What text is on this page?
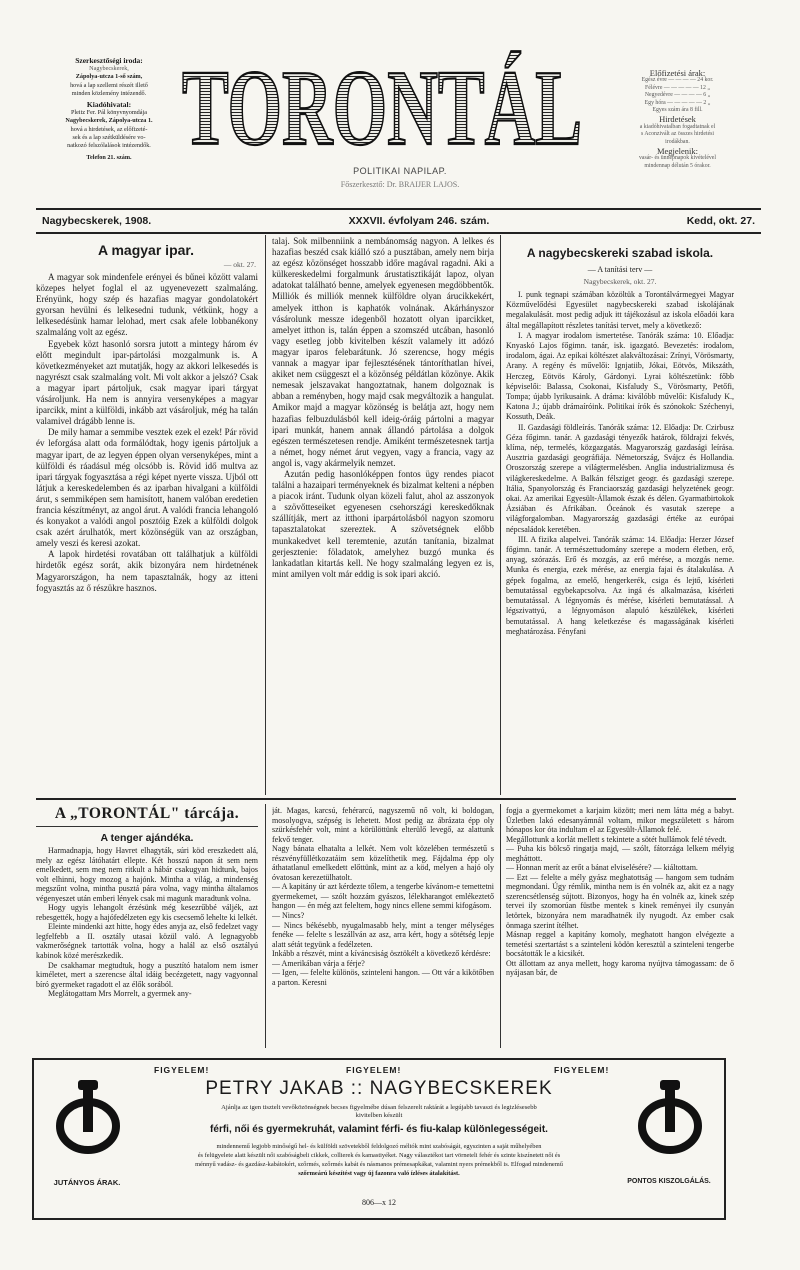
Szerkesztőségi iroda:
Nagybecskerek,
Zápolya-utcza 1-ső szám,
hová a lap szellemi részét illető
minden közlemény intézendő.
Kiadóhivatal:
Pleitz Fer. Pál könyvnyomdája
Nagybecskerek, Zápolya-utcza 1.
hová a hirdetések, az előfizeté-
sek és a lap szétküldésére vo-
natkozó felszólalások intézendők.
Telefon 21. szám. TORONTÁL
POLITIKAI NAPILAP.
Főszerkesztő: Dr. BRAIJER LAJOS.
Előfizetési árak:
Egész évre — — — — 24 kor.
Félévre — — — — — 12 „
Negyedévre — — — — 6 „
Egy hóra — — — — — 2 „
Egyes szám ára 8 fill.
Hirdetések
a kiadóhivatalban fogadtatnak el
s Aconzivált az összes hirdetési
irodákban.
Megjelenik:
vasár- és ünnepnapok kivételével
mindennap délután 5 órakor.
Nagybecskerek, 1908.	XXXVII. évfolyam 246. szám.	Kedd, okt. 27.
A magyar ipar.
— okt. 27.

A magyar sok mindenfele erényei és bűnei között valami közepes helyet foglal el az ugyenevezett szalmaláng. Erényünk, hogy szép és hazafias magyar gondolatokért gyorsan hevülni és lelkesedni tudunk, vétkünk, hogy a lelkesedésünk hamar lelohad, mert csak afele lobbanékony szalmaláng volt az egész.

Egyebek közt hasonló sorsra jutott a mintegy három év előtt megindult ipar-pártolási mozgalmunk is. A következményeket azt mutatják, hogy az akkori lelkesedés is nagyrészt csak szalmaláng volt. Mi volt akkor a jelszó? Csak a magyar ipart pártoljuk, csak magyar ipari tárgyat vásároljunk. Ha nem is annyira versenyképes a magyar iparcikk, mint a külföldi, inkább azt vásároljuk, még ha talán valamivel drágább lenne is.

De mily hamar a semmibe vesztek ezek el ezek! Pár rövid év leforgása alatt oda formálódtak, hogy igenis pártoljuk a magyar ipart, de az legyen éppen olyan versenyképes, mint a külföldi és ráadásul még olcsóbb is. Rövid idő multva az ipari tárgyak fogyasztása a régi képet nyerte vissza. Ujból ott látjuk a kereskedelemben és az iparban hivalgani a külföldi árut, s semmiképen sem hamisított, hanem valóban eredetien francia készítményt, az angol árut. A valódi francia lehangoló és konyakot a valódi angol posztóig Ezek a külföldi dolgok csak azért árulhatók, mert közönségük van az országban, amely veszi és keresi azokat.

A lapok hirdetési rovatában ott találhatjuk a külföldi hirdetők egész sorát, akik bizonyára nem hirdetnének Magyarországon, ha nem tapasztalnák, hogy az itteni fogyasztás az ő részükre hasznos.

talaj. Sok milbenniink a nembánomság nagyon. A lelkes és hazafias beszéd csak kiálló szó a pusztában, amely nem birja az egész közönséget hosszabb időre magával ragadni. Aki a külkereskedelmi forgalmunk árustatisztikáját lapoz, olyan adatokat található benne, amelyek egyenesen megdöbbentők. Milliók és milliók mennek külföldre olyan árucikkekért, amelyek itthon is kaphatók volnának. Akárhányszor vásárolunk messze idegenből hozatott olyan iparcikket, amelyet itthon is, talán éppen a szomszéd utcában, hasonló vagy esetleg jobb kivitelben készít valamely itt adózó magyar iparos felebarátunk. Jó szerencse, hogy mégis vannak a magyar ipar fejlesztésének tántoríthatlan hívei, akiket nem csüggeszt el a közönség példátlan közönye. Akik nemesak jelszavakat hangoztatnak, hanem dolgoznak is abban a reményben, hogy majd csak megváltozik a hangulat. Amikor majd a magyar közönség is belátja azt, hogy nem hazafias felbuzdulásból kell ideig-óráig pártolni a magyar ipari munkát, hanem annak állandó pártolása a dolgok egészen természetesen rendje. Amiként természetesnek tartja a német, hogy német árut vegyen, vagy a francia, vagy az angol is, vagy akármelyik nemzet.

Azután pedig hasonlóképpen fontos ügy rendes piacot találni a hazaipari terményeknek és bizalmat kelteni a népben a piacok iránt. Tudunk olyan közeli falut, ahol az asszonyok a szövőtteseiket egyenesen csehországi kereskedőknak szállítják, mert az itthoni iparpártolásból nagyon szomoru tapasztalatokat szereztek. A szövetségnek előbb munkakedvet kell teremtenie, azután tanítania, bizalmat gerjesztenie: föladatok, amelyhez buzgó munka és lankadatlan kitartás kell. Ne hogy szalmaláng legyen ez is, mint amilyen volt már eddig is sok ipari akció.

A nagybecskereki szabad iskola.
— A tanítási terv —
Nagybecskerek, okt. 27.

I. punk tegnapi számában közöltük a Torontálvármegyei Magyar Közművelődési Egyesület nagybecskereki szabad iskolájának megalakulását. most pedig adjuk itt tájékozásul az iskola előadói kara által megállapított részletes tanítási tervet, mely a következő:

I. A magyar irodalom ismertetése. Tanórák száma: 10. Előadja: Knyaskó Lajos főgimn. tanár, isk. igazgató. Bevezetés: irodalom, irodalom, ágai. Az epikai költészet alakváltozásai: Zrínyi, Vörösmarty, Arany. A regény és művelői: Ignjatiib, Jókai, Eötvös, Mikszáth, Herczeg, Eötvös Károly, Gárdonyi. Lyrai költészetünk: főbb képviselői: Balassa, Csokonai, Kisfaludy S., Vörösmarty, Petőfi, Tompa; újabb lyrikusaink. A dráma: kiválóbb művelői: Kisfaludy K., Katona J.; újabb drámaíróink. Politikai írók és szónokok: Széchenyi, Kossuth, Deák.

II. Gazdasági földleírás. Tanórák száma: 12. Előadja: Dr. Czirbusz Géza főgimn. tanár. A gazdasági tényezők határok, földrajzi fekvés, klíma, nép, termelés, közgazgatás. Magyarország gazdasági leírása. Ausztria gazdasági geográfiája. Németország, Svájcz és Hollandia. Oroszország szerepe a világtermelésben. Anglia industrializmusa és világkereskedelme. A Balkán félsziget geogr. és gazdasági szerepe. Itália, Spanyolország és Franciaország gazdasági helyzetének geogr. okai. Az amerikai Egyesült-Államok észak és délen. Gyarmatbirtokok Ázsiában és Afrikában. Óceánok és vasutak szerepe a világforgalomban. Magyarország gazdasági értéke az európai népcsaládok keretében.

III. A fizika alapelvei. Tanórák száma: 14. Előadja: Herzer József főgimn. tanár. A természettudomány szerepe a modern életben, erő, anyag, szórazás. Erő és mozgás, az erő mérése, a mozgás neme. Munka és energia, ezek mérése, az energia fajai és átalakulása. A gépek fogalma, az emelő, hengerkerék, csiga és lejtő, kísérleti bemutatással egybekapcsolva. Az ingá és alkalmazása, kísérleti bemutatással. A légnyomás és mérése, kísérleti bemutatással. A légszivattyú, a légnyomáson alapuló készülékek, kísérleti bemutatással. A hang keletkezése és magasságának kísérleti meghatározása. Fényfani

A „TORONTÁL" tárcája.
A tenger ajándéka.

Harmadnapja, hogy Havret elhagyták, súri köd ereszkedett alá, mely az egész látóhatárt ellepte. Két hosszú napon át sem nem emelkedett, sem meg nem ritkult a hábár csakugyan hidtunk, bajos volt elhinni, hogy mozog a hajónk. Minthа a világ, a mindenség megszűnt volna, mintha pusztá pára volna, vagy mintha általamos végenyeszet után emberi lények csak mi magunk maradtunk volna.

Hogy ugyis lehangolt érzésünk még kesezrűbbé váljék, azt rebesgették, hogy a hajófedélzeten egy kis csecsemő lehelte ki lelkét.

Eleinte mindenki azt hitte, hogy édes anyja az, első fedelzet vagy legfelfebb a II. osztály utasai közül való. A legnagyobb vakmerőségnek tartották volna, hogy a halál az első osztályú kabinok közé merészkedik.

De csakhamar megtudtuk, hogy a pusztító hatalom nem ismer kiméletet, mert a szerencse által idáig becézgetett, nagy vagyonnal bíró gyermeket ragadott el az élők sorából.

Meglátogattam Mrs Morrelt, a gyermek any-

ját. Magas, karcsú, fehérarcú, nagyszemű nő volt, ki boldogan, mosolyogva, szépség is lehetett. Most pedig az ábrázata épp oly szürkésfehér volt, mint a körülöttünk elterülő levegő, az alattunk fekvő tenger.
Nagy bánata elhatalta a lelkét. Nem volt közelében természetű s részvényfüllétkozatáim sem közelíthetik meg. Fájdalma épp oly áthatatlanul emelkedett előttünk, mint az a köd, melyen a hajó oly óvatosan kerezetülhatolt.
— A kapitány úr azt kérdezte tőlem, a tengerbe kívánom-e temettetni gyermekemet, — szólt hozzám gyászos, lélekharangot emlékeztető hangon — én még azt feleltem, hogy nincs ellene semmi kifogásom.
— Nincs?
— Nincs békésebb, nyugalmasabb hely, mint a tenger mélységes fenéke — felelte s leszállván az asz, arra kért, hogy a sötétség lepje alatt sétát tegyünk a fedélzeten.
Inkább a részvét, mint a kíváncsiság ösztökélt a következő kérdésre:
— Amerikában várja a férje?
— Igen, — felelte különös, szinteleni hangon. — Ott vár a kikötőben a parton. Keresni

fogja a gyermekomet a karjaim között; meri nem látta még a babyt. Üzletben lakó edesanyámnál voltam, mikor megszületett s három hónapos kor óta indultam el az Egyesült-Államok felé.
Megállottunk a korlát mellett s tekintete a sötét hullámok felé tévedt.
— Puha kis bölcső ringatja majd, — szólt, fátorzága lelkem mélyig megháttott.
— Honnan merít az erőt a bánat elviselésére? — kiáltottam.
— Ezt — felelte a mély gyász meghatottság — hangom sem tudnám megmondani. Úgy rémlik, mintha nem is én volnék az, akit ez a nagy szerencsétlenség sújtott. Bizonyos, hogy ha én volnék az, kinek szép tervei ily szomorúan füstbe mentek s kinek reményei ily csunyán letörtek, bizonyára nem maradhatnék ily nyugodt. Az ember csak önmaga szerint ítélhet.
Másnap reggel a kapitány komoly, meghatott hangon elvégezte a temetési szertartást s a szinteleni ködön keresztül a szinteleni tengerbe bocsátották le a kicsikét.
Ott állottam az anya mellett, hogy karoma nyújtva támogassam: de ő nyájasan bár, de

FIGYELEM!	FIGYELEM!	FIGYELEM!
JUTÁNYOS ÁRAK.	PONTOS KISZOLGÁLÁS.
PETRY JAKAB :: NAGYBECSKEREK
Ajánlja az igen tisztelt vevőközönségnek becses figyelmébe dúsan felszerelt raktárát a legújabb tavaszi és legizlésesebb
kivitelben készült
férfi, női és gyermekruhát, valamint férfi- és fiu-kalap különlegességeit.
mindennemű legjobb minőségű hel- és külföldi szövetekből feldolgozó méltók mint szabóságát, egyszinten a saját műhelyében
és felügyelete alatt készült női szabóságbeli cikkek, collierek és kamastiyéket. Nagy választékot tart vörneteli fehér és szinte kiszínetett női és
ménnyű vadász- és gazdász-kabátokért, szőrmés, szőrmés kabát és násmanos prémesapkákat, valamint nyers prémekből is. Elfogad mindenemű
szőrmeárú készítést vagy új fazonra való ízléses átalakítást.
806—x 12
